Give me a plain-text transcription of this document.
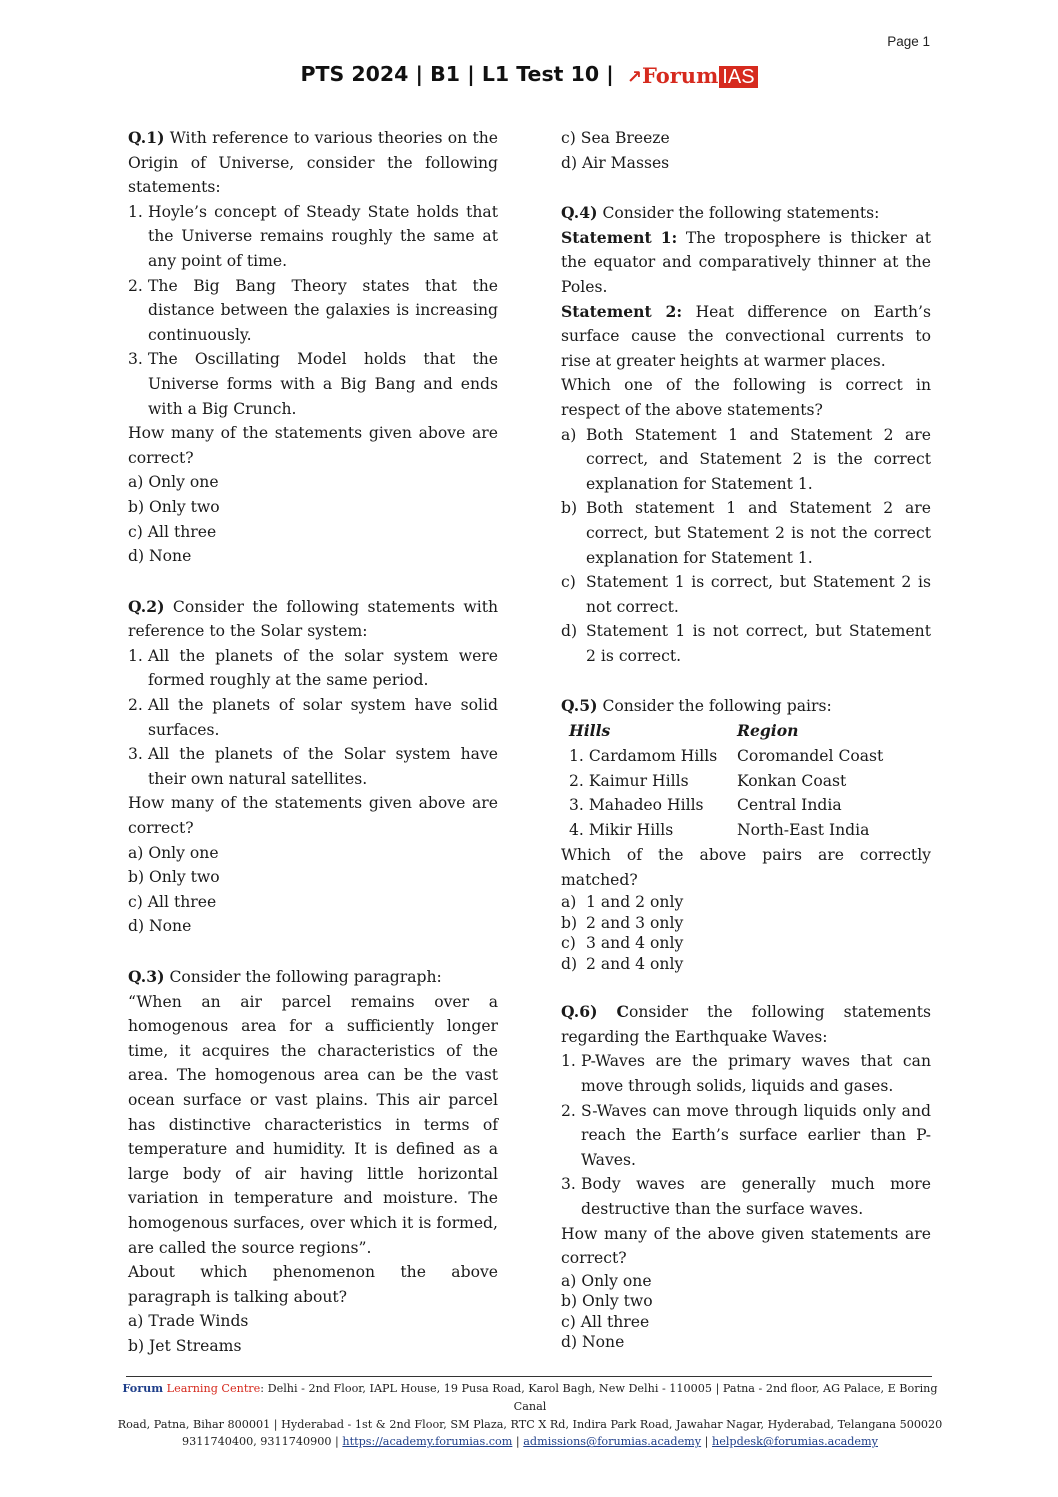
Page 1
PTS 2024 | B1 | L1 Test 10 | ↗Forum IAS
Q.1) With reference to various theories on the Origin of Universe, consider the following statements:
1. Hoyle’s concept of Steady State holds that the Universe remains roughly the same at any point of time.
2. The Big Bang Theory states that the distance between the galaxies is increasing continuously.
3. The Oscillating Model holds that the Universe forms with a Big Bang and ends with a Big Crunch.
How many of the statements given above are correct?
a) Only one
b) Only two
c) All three
d) None
Q.2) Consider the following statements with reference to the Solar system:
1. All the planets of the solar system were formed roughly at the same period.
2. All the planets of solar system have solid surfaces.
3. All the planets of the Solar system have their own natural satellites.
How many of the statements given above are correct?
a) Only one
b) Only two
c) All three
d) None
Q.3) Consider the following paragraph:
“When an air parcel remains over a homogenous area for a sufficiently longer time, it acquires the characteristics of the area. The homogenous area can be the vast ocean surface or vast plains. This air parcel has distinctive characteristics in terms of temperature and humidity. It is defined as a large body of air having little horizontal variation in temperature and moisture. The homogenous surfaces, over which it is formed, are called the source regions”.
About which phenomenon the above paragraph is talking about?
a) Trade Winds
b) Jet Streams
c) Sea Breeze
d) Air Masses
Q.4) Consider the following statements:
Statement 1: The troposphere is thicker at the equator and comparatively thinner at the Poles.
Statement 2: Heat difference on Earth’s surface cause the convectional currents to rise at greater heights at warmer places.
Which one of the following is correct in respect of the above statements?
a) Both Statement 1 and Statement 2 are correct, and Statement 2 is the correct explanation for Statement 1.
b) Both statement 1 and Statement 2 are correct, but Statement 2 is not the correct explanation for Statement 1.
c) Statement 1 is correct, but Statement 2 is not correct.
d) Statement 1 is not correct, but Statement 2 is correct.
Q.5) Consider the following pairs:
Hills	Region
1. Cardamom Hills	Coromandel Coast
2. Kaimur Hills	Konkan Coast
3. Mahadeo Hills	Central India
4. Mikir Hills	North-East India
Which of the above pairs are correctly matched?
a) 1 and 2 only
b) 2 and 3 only
c) 3 and 4 only
d) 2 and 4 only
Q.6) Consider the following statements regarding the Earthquake Waves:
1. P-Waves are the primary waves that can move through solids, liquids and gases.
2. S-Waves can move through liquids only and reach the Earth’s surface earlier than P-Waves.
3. Body waves are generally much more destructive than the surface waves.
How many of the above given statements are correct?
a) Only one
b) Only two
c) All three
d) None
Forum Learning Centre: Delhi - 2nd Floor, IAPL House, 19 Pusa Road, Karol Bagh, New Delhi - 110005 | Patna - 2nd floor, AG Palace, E Boring Canal
Road, Patna, Bihar 800001 | Hyderabad - 1st & 2nd Floor, SM Plaza, RTC X Rd, Indira Park Road, Jawahar Nagar, Hyderabad, Telangana 500020
9311740400, 9311740900 | https://academy.forumias.com | admissions@forumias.academy | helpdesk@forumias.academy
